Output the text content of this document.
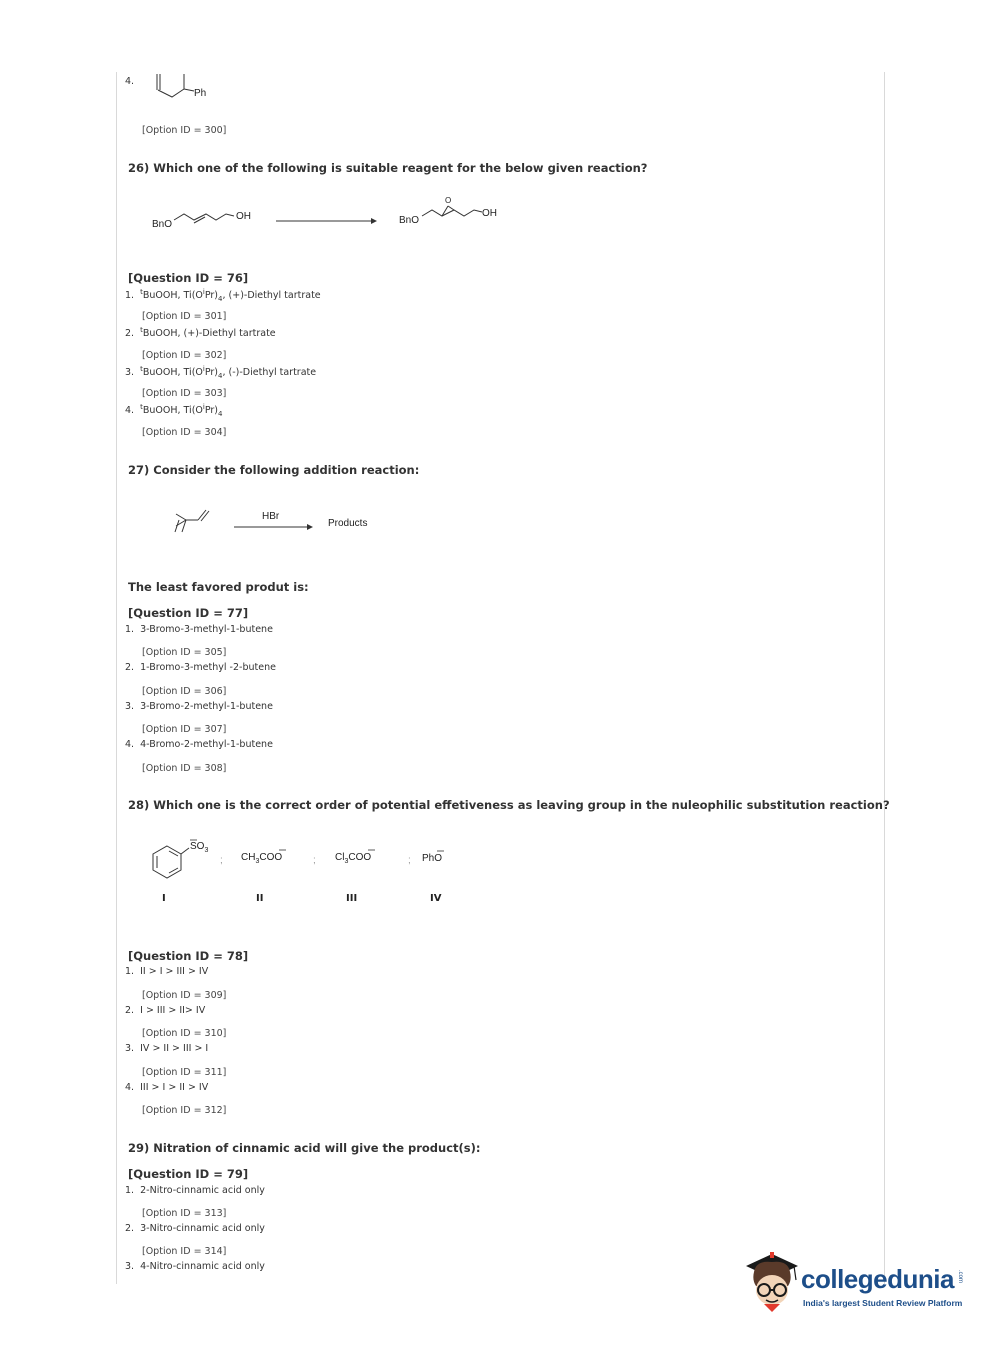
4.
Ph
[Option ID = 300]
26) Which one of the following is suitable reagent for the below given reaction?
BnO
OH	BnO
O
OH
[Question ID = 76]
1. $^t$BuOOH, $Ti(O^iPr)_4$, (+)-Diethyl tartrate
[Option ID = 301]
2. $^t$BuOOH, (+)-Diethyl tartrate
[Option ID = 302]
3. $^t$BuOOH, $Ti(O^iPr)_4$, (-)-Diethyl tartrate
[Option ID = 303]
4. $^t$BuOOH, $Ti(O^iPr)_4$
[Option ID = 304]
27) Consider the following addition reaction:
HBr
Products
The least favored produt is:
[Question ID = 77]
1. 3-Bromo-3-methyl-1-butene
[Option ID = 305]
2. 1-Bromo-3-methyl -2-butene
[Option ID = 306]
3. 3-Bromo-2-methyl-1-butene
[Option ID = 307]
4. 4-Bromo-2-methyl-1-butene
[Option ID = 308]
28) Which one is the correct order of potential effetiveness as leaving group in the nuleophilic substitution reaction?
$SO_3$
; $CH_3COO$	; $Cl_3COO$	; PhO
I	II	III	IV
[Question ID = 78]
1. II > I > III > IV
[Option ID = 309]
2. I > III > II> IV
[Option ID = 310]
3. IV > II > III > I
[Option ID = 311]
4. III > I > II > IV
[Option ID = 312]
29) Nitration of cinnamic acid will give the product(s):
[Question ID = 79]
1. 2-Nitro-cinnamic acid only
[Option ID = 313]
2. 3-Nitro-cinnamic acid only
[Option ID = 314]
3. 4-Nitro-cinnamic acid only	collegedunia .com
India's largest Student Review Platform
